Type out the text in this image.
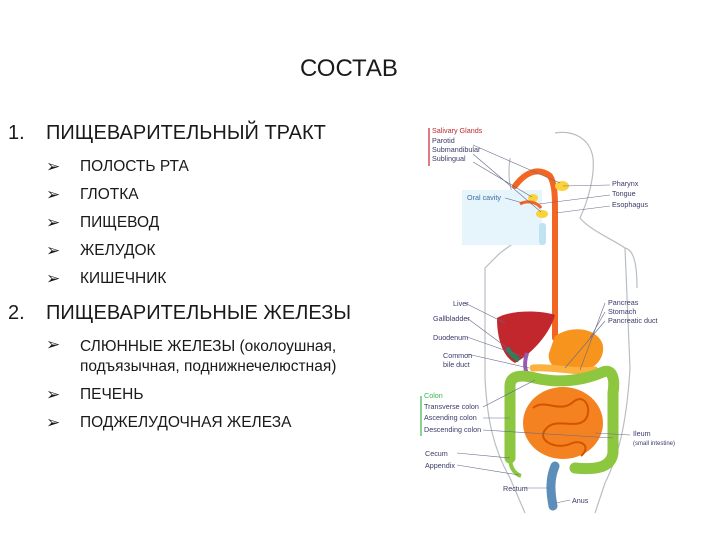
СОСТАВ
1. ПИЩЕВАРИТЕЛЬНЫЙ ТРАКТ
➢ ПОЛОСТЬ РТА
➢ ГЛОТКА
➢ ПИЩЕВОД
➢ ЖЕЛУДОК
➢ КИШЕЧНИК
2. ПИЩЕВАРИТЕЛЬНЫЕ ЖЕЛЕЗЫ
➢ СЛЮННЫЕ ЖЕЛЕЗЫ (околоушная, подъязычная, поднижнечелюстная)
➢ ПЕЧЕНЬ
➢ ПОДЖЕЛУДОЧНАЯ ЖЕЛЕЗА
Salivary Glands
Parotid
Submandibular
Sublingual
Oral cavity
Pharynx
Tongue
Esophagus
Liver
Gallbladder
Duodenum
Common
bile duct
Pancreas
Stomach
Pancreatic duct
Colon
Transverse colon
Ascending colon
Descending colon	Ileum
(small intestine)
Cecum
Appendix
Rectum
Anus
